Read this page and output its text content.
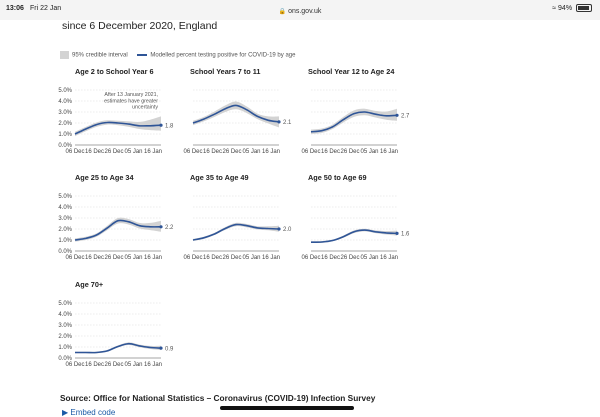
13:06 Fri 22 Jan	🔒 ons.gov.uk	≈ 94%
since 6 December 2020, England
95% credible interval	Modelled percent testing positive for COVID-19 by age
Age 2 to School Year 6
0.0%
1.0%
2.0%
3.0%
4.0%
5.0%
06 Dec 16 Dec 26 Dec 05 Jan 16 Jan
1.8
After 13 January 2021,
estimates have greater
uncertainty
School Years 7 to 11
06 Dec 16 Dec 26 Dec 05 Jan 16 Jan
2.1
School Year 12 to Age 24
06 Dec 16 Dec 26 Dec 05 Jan 16 Jan
2.7
Age 25 to Age 34
0.0%
1.0%
2.0%
3.0%
4.0%
5.0%
06 Dec 16 Dec 26 Dec 05 Jan 16 Jan
2.2
Age 35 to Age 49
06 Dec 16 Dec 26 Dec 05 Jan 16 Jan
2.0
Age 50 to Age 69
06 Dec 16 Dec 26 Dec 05 Jan 16 Jan
1.6
Age 70+
0.0%
1.0%
2.0%
3.0%
4.0%
5.0%
06 Dec 16 Dec 26 Dec 05 Jan 16 Jan
0.9
Source: Office for National Statistics – Coronavirus (COVID-19) Infection Survey
▶ Embed code
